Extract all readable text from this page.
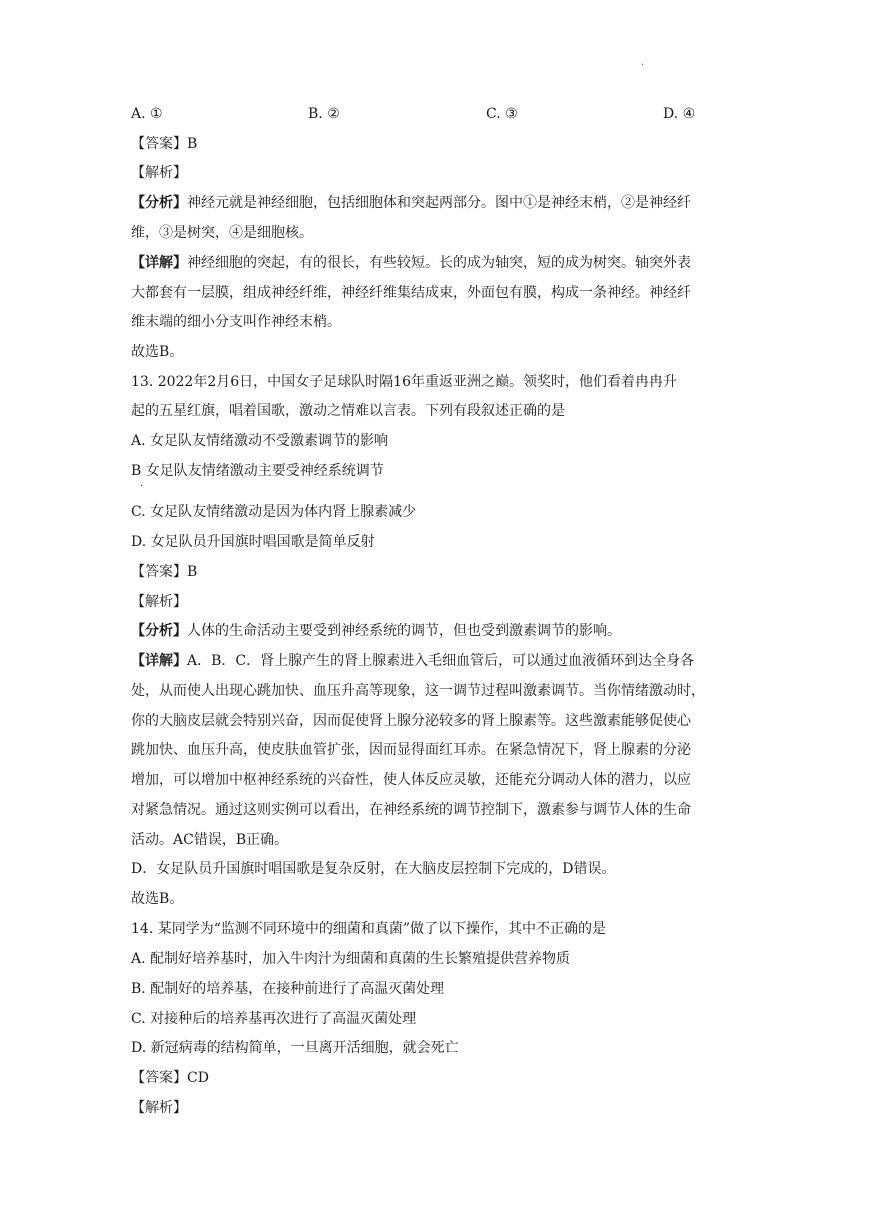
.
A. ①	B. ②	C. ③	D. ④
【答案】B
【解析】
【分析】神经元就是神经细胞，包括细胞体和突起两部分。图中①是神经末梢，②是神经纤
维，③是树突，④是细胞核。
【详解】神经细胞的突起，有的很长，有些较短。长的成为轴突，短的成为树突。轴突外表
大都套有一层膜，组成神经纤维，神经纤维集结成束，外面包有膜，构成一条神经。神经纤
维末端的细小分支叫作神经末梢。
故选B。
13. 2022年2月6日，中国女子足球队时隔16年重返亚洲之巅。领奖时，他们看着冉冉升
起的五星红旗，唱着国歌，激动之情难以言表。下列有段叙述正确的是
A. 女足队友情绪激动不受激素调节的影响
B 女足队友情绪激动主要受神经系统调节
.
C. 女足队友情绪激动是因为体内肾上腺素减少
D. 女足队员升国旗时唱国歌是简单反射
【答案】B
【解析】
【分析】人体的生命活动主要受到神经系统的调节，但也受到激素调节的影响。
【详解】A．B．C．肾上腺产生的肾上腺素进入毛细血管后，可以通过血液循环到达全身各
处，从而使人出现心跳加快、血压升高等现象，这一调节过程叫激素调节。当你情绪激动时，
你的大脑皮层就会特别兴奋，因而促使肾上腺分泌较多的肾上腺素等。这些激素能够促使心
跳加快、血压升高，使皮肤血管扩张，因而显得面红耳赤。在紧急情况下，肾上腺素的分泌
增加，可以增加中枢神经系统的兴奋性，使人体反应灵敏，还能充分调动人体的潜力，以应
对紧急情况。通过这则实例可以看出，在神经系统的调节控制下，激素参与调节人体的生命
活动。AC错误，B正确。
D．女足队员升国旗时唱国歌是复杂反射，在大脑皮层控制下完成的，D错误。
故选B。
14. 某同学为“监测不同环境中的细菌和真菌”做了以下操作，其中不正确的是
A. 配制好培养基时，加入牛肉汁为细菌和真菌的生长繁殖提供营养物质
B. 配制好的培养基，在接种前进行了高温灭菌处理
C. 对接种后的培养基再次进行了高温灭菌处理
D. 新冠病毒的结构简单，一旦离开活细胞，就会死亡
【答案】CD
【解析】
